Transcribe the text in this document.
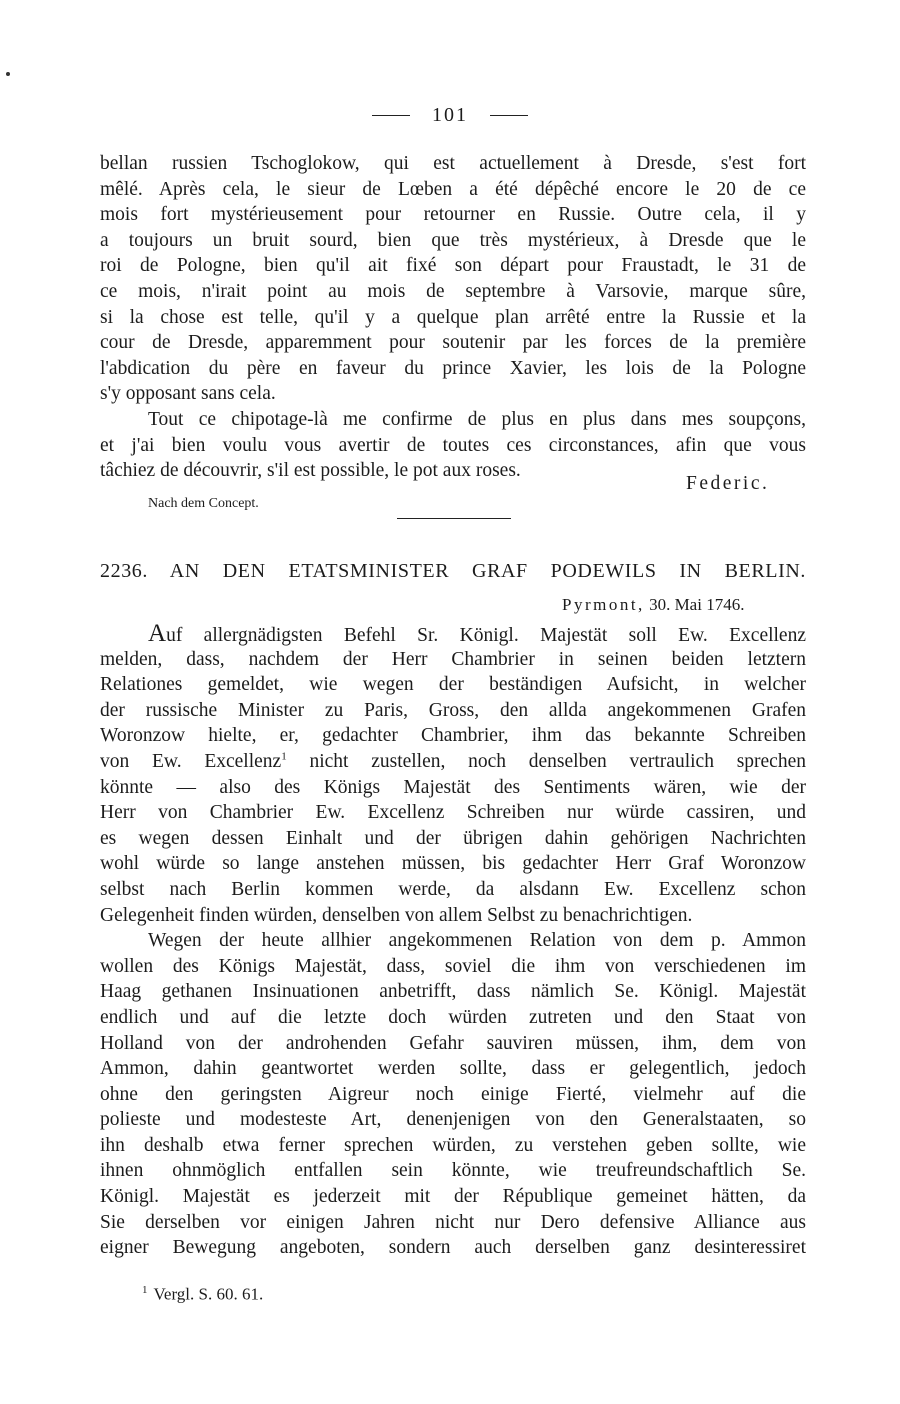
101
bellan russien Tschoglokow, qui est actuellement à Dresde, s'est fort
mêlé. Après cela, le sieur de Lœben a été dépêché encore le 20 de ce
mois fort mystérieusement pour retourner en Russie. Outre cela, il y
a toujours un bruit sourd, bien que très mystérieux, à Dresde que le
roi de Pologne, bien qu'il ait fixé son départ pour Fraustadt, le 31 de
ce mois, n'irait point au mois de septembre à Varsovie, marque sûre,
si la chose est telle, qu'il y a quelque plan arrêté entre la Russie et la
cour de Dresde, apparemment pour soutenir par les forces de la première
l'abdication du père en faveur du prince Xavier, les lois de la Pologne
s'y opposant sans cela.
Tout ce chipotage-là me confirme de plus en plus dans mes soupçons,
et j'ai bien voulu vous avertir de toutes ces circonstances, afin que vous
tâchiez de découvrir, s'il est possible, le pot aux roses.
Federic.
Nach dem Concept.
2236. AN DEN ETATSMINISTER GRAF PODEWILS IN BERLIN.
Pyrmont, 30. Mai 1746.
Auf allergnädigsten Befehl Sr. Königl. Majestät soll Ew. Excellenz
melden, dass, nachdem der Herr Chambrier in seinen beiden letztern
Relationes gemeldet, wie wegen der beständigen Aufsicht, in welcher
der russische Minister zu Paris, Gross, den allda angekommenen Grafen
Woronzow hielte, er, gedachter Chambrier, ihm das bekannte Schreiben
von Ew. Excellenz$^1$ nicht zustellen, noch denselben vertraulich sprechen
könnte — also des Königs Majestät des Sentiments wären, wie der
Herr von Chambrier Ew. Excellenz Schreiben nur würde cassiren, und
es wegen dessen Einhalt und der übrigen dahin gehörigen Nachrichten
wohl würde so lange anstehen müssen, bis gedachter Herr Graf Woronzow
selbst nach Berlin kommen werde, da alsdann Ew. Excellenz schon
Gelegenheit finden würden, denselben von allem Selbst zu benachrichtigen.
Wegen der heute allhier angekommenen Relation von dem p. Ammon
wollen des Königs Majestät, dass, soviel die ihm von verschiedenen im
Haag gethanen Insinuationen anbetrifft, dass nämlich Se. Königl. Majestät
endlich und auf die letzte doch würden zutreten und den Staat von
Holland von der androhenden Gefahr sauviren müssen, ihm, dem von
Ammon, dahin geantwortet werden sollte, dass er gelegentlich, jedoch
ohne den geringsten Aigreur noch einige Fierté, vielmehr auf die
polieste und modesteste Art, denenjenigen von den Generalstaaten, so
ihn deshalb etwa ferner sprechen würden, zu verstehen geben sollte, wie
ihnen ohnmöglich entfallen sein könnte, wie treufreundschaftlich Se.
Königl. Majestät es jederzeit mit der République gemeinet hätten, da
Sie derselben vor einigen Jahren nicht nur Dero defensive Alliance aus
eigner Bewegung angeboten, sondern auch derselben ganz desinteressiret
$^1$ Vergl. S. 60. 61.
